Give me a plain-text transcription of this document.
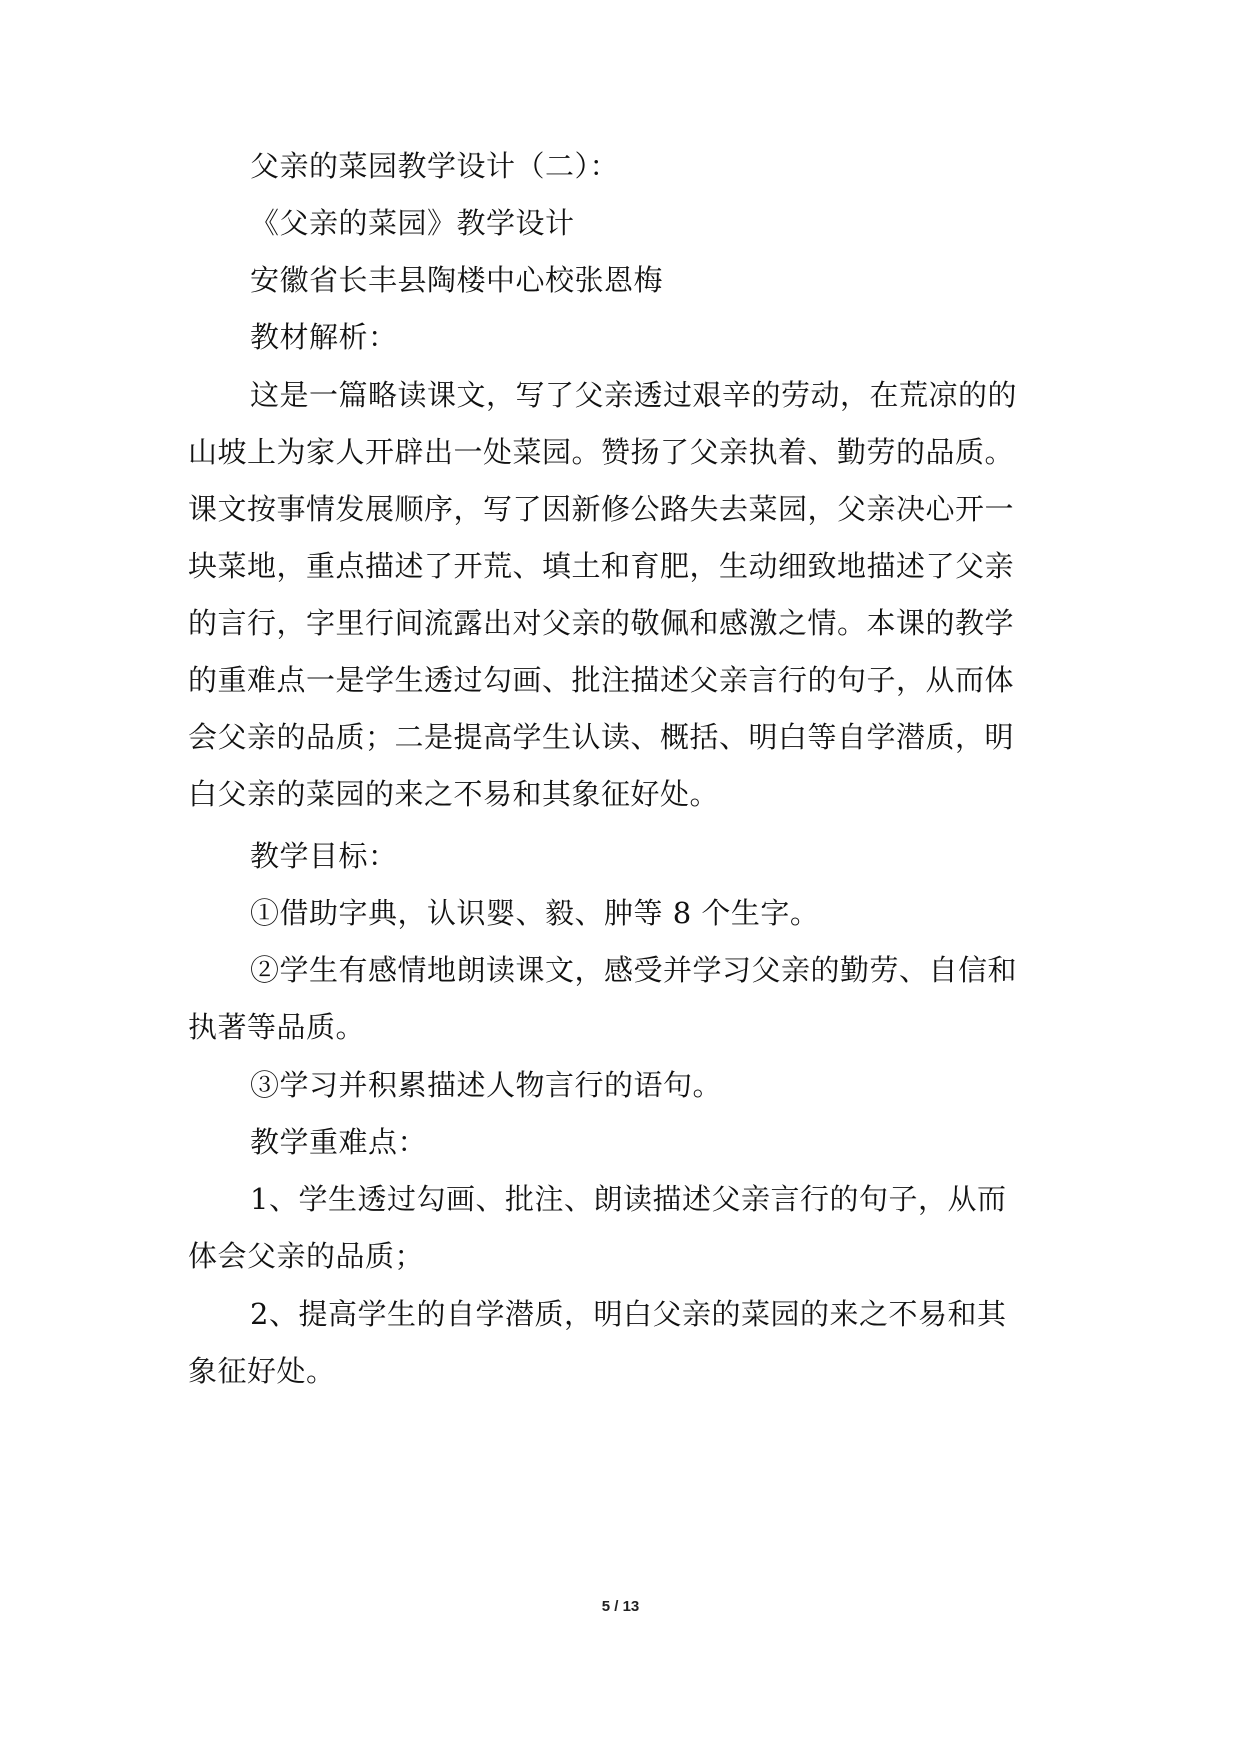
父亲的菜园教学设计（二）：
《父亲的菜园》教学设计
安徽省长丰县陶楼中心校张恩梅
教材解析：
这是一篇略读课文，写了父亲透过艰辛的劳动，在荒凉的的
山坡上为家人开辟出一处菜园。赞扬了父亲执着、勤劳的品质。
课文按事情发展顺序，写了因新修公路失去菜园，父亲决心开一
块菜地，重点描述了开荒、填土和育肥，生动细致地描述了父亲
的言行，字里行间流露出对父亲的敬佩和感激之情。本课的教学
的重难点一是学生透过勾画、批注描述父亲言行的句子，从而体
会父亲的品质；二是提高学生认读、概括、明白等自学潜质，明
白父亲的菜园的来之不易和其象征好处。
教学目标：
①借助字典，认识婴、毅、肿等 8 个生字。
②学生有感情地朗读课文，感受并学习父亲的勤劳、自信和
执著等品质。
③学习并积累描述人物言行的语句。
教学重难点：
1、学生透过勾画、批注、朗读描述父亲言行的句子，从而
体会父亲的品质；
2、提高学生的自学潜质，明白父亲的菜园的来之不易和其
象征好处。
5 / 13
